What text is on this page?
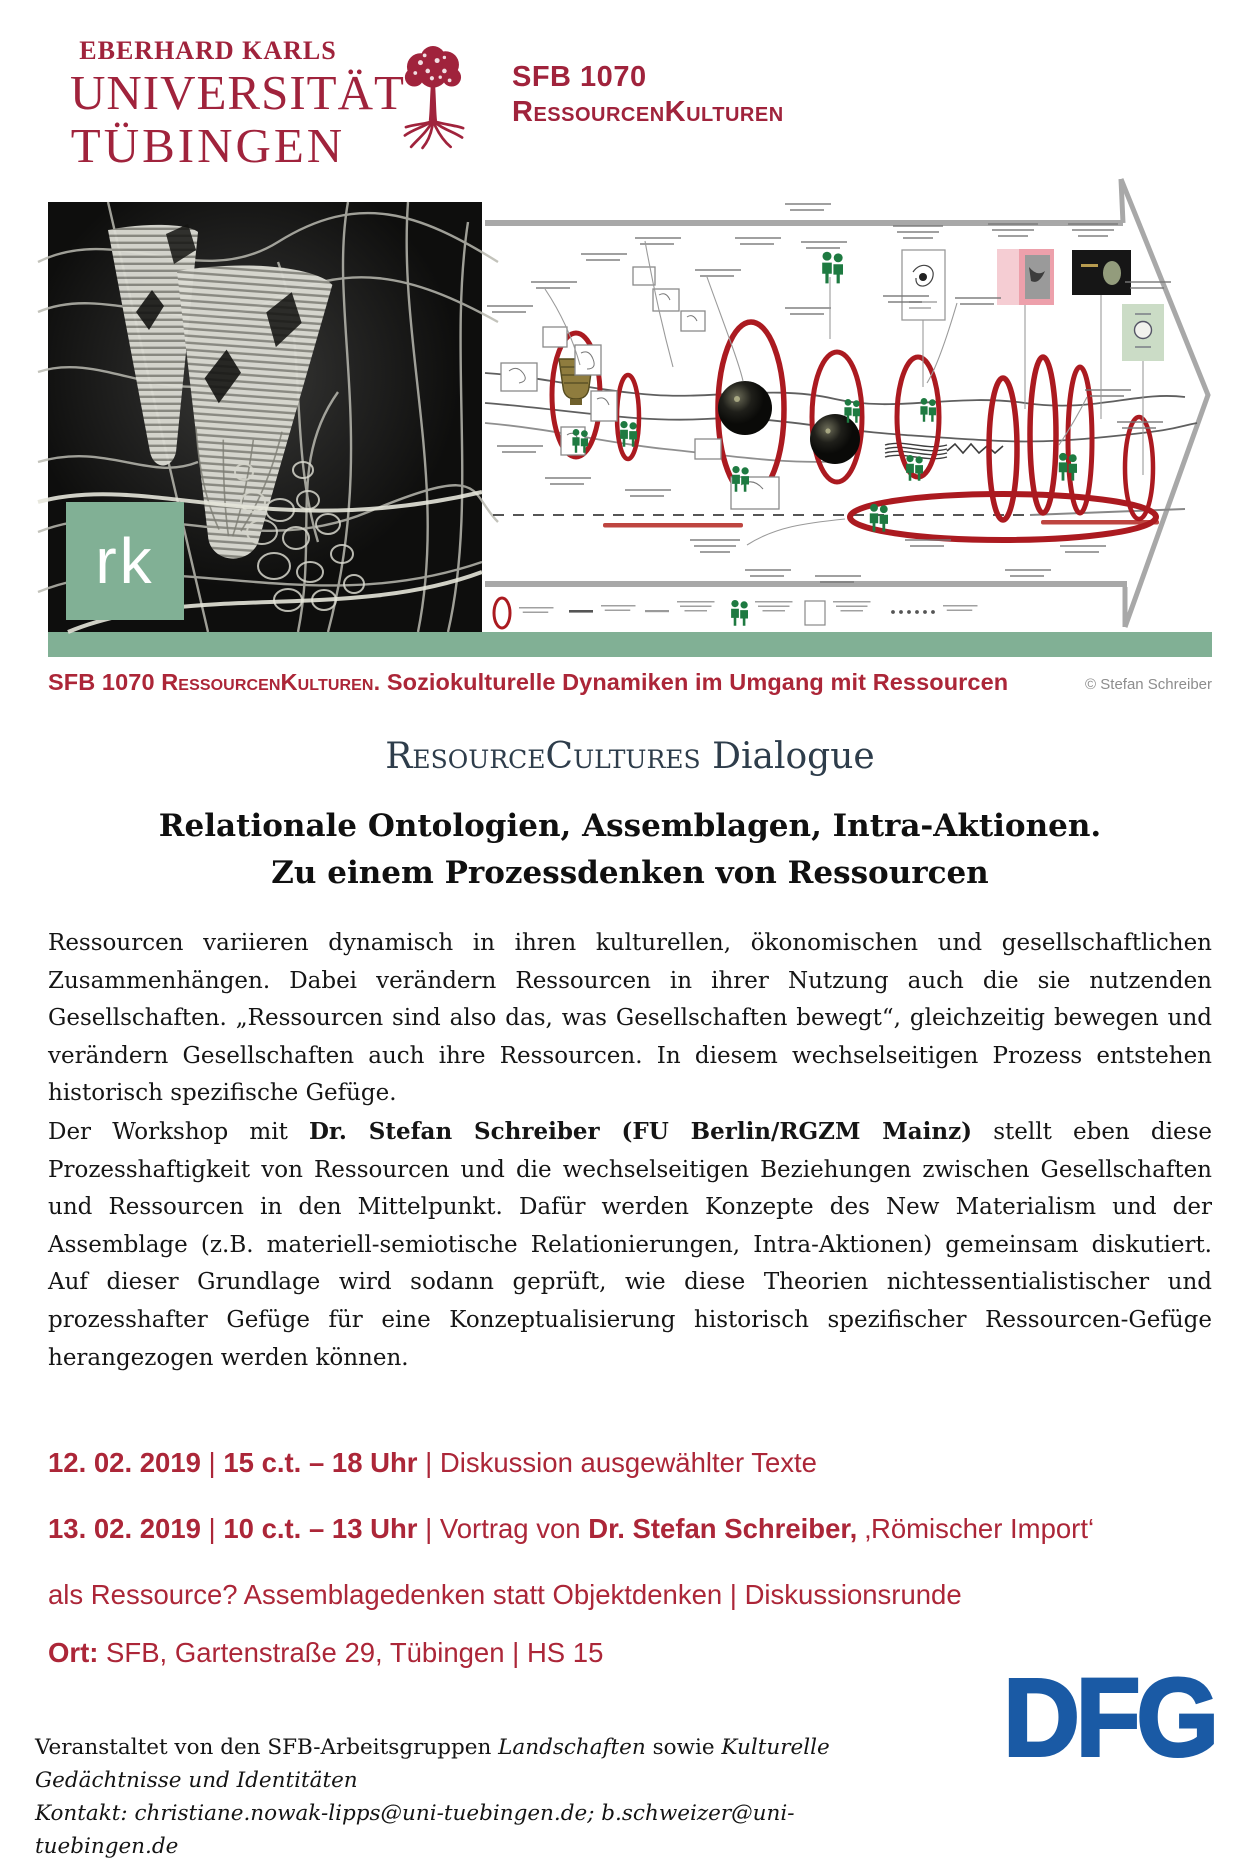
EBERHARD KARLS
UNIVERSITÄT
TÜBINGEN
SFB 1070
RessourcenKulturen
rk
SFB 1070 RessourcenKulturen. Soziokulturelle Dynamiken im Umgang mit Ressourcen	© Stefan Schreiber
ResourceCultures Dialogue
Relationale Ontologien, Assemblagen, Intra-Aktionen.
Zu einem Prozessdenken von Ressourcen

Ressourcen variieren dynamisch in ihren kulturellen, ökonomischen und gesellschaftlichen Zusammenhängen. Dabei verändern Ressourcen in ihrer Nutzung auch die sie nutzenden Gesellschaften. „Ressourcen sind also das, was Gesellschaften bewegt“, gleichzeitig bewegen und verändern Gesellschaften auch ihre Ressourcen. In diesem wechselseitigen Prozess entstehen historisch spezifische Gefüge.

Der Workshop mit Dr. Stefan Schreiber (FU Berlin/RGZM Mainz) stellt eben diese Prozesshaftigkeit von Ressourcen und die wechselseitigen Beziehungen zwischen Gesellschaften und Ressourcen in den Mittelpunkt. Dafür werden Konzepte des New Materialism und der Assemblage (z.B. materiell-semiotische Relationierungen, Intra-Aktionen) gemeinsam diskutiert. Auf dieser Grundlage wird sodann geprüft, wie diese Theorien nichtessentialistischer und prozesshafter Gefüge für eine Konzeptualisierung historisch spezifischer Ressourcen-Gefüge herangezogen werden können.

12. 02. 2019 | 15 c.t. – 18 Uhr | Diskussion ausgewählter Texte
13. 02. 2019 | 10 c.t. – 13 Uhr | Vortrag von Dr. Stefan Schreiber, ‚Römischer Import‘
als Ressource? Assemblagedenken statt Objektdenken | Diskussionsrunde
Ort: SFB, Gartenstraße 29, Tübingen | HS 15
Veranstaltet von den SFB-Arbeitsgruppen Landschaften sowie Kulturelle Gedächtnisse und Identitäten
Kontakt: christiane.nowak-lipps@uni-tuebingen.de; b.schweizer@uni-tuebingen.de
DFG
